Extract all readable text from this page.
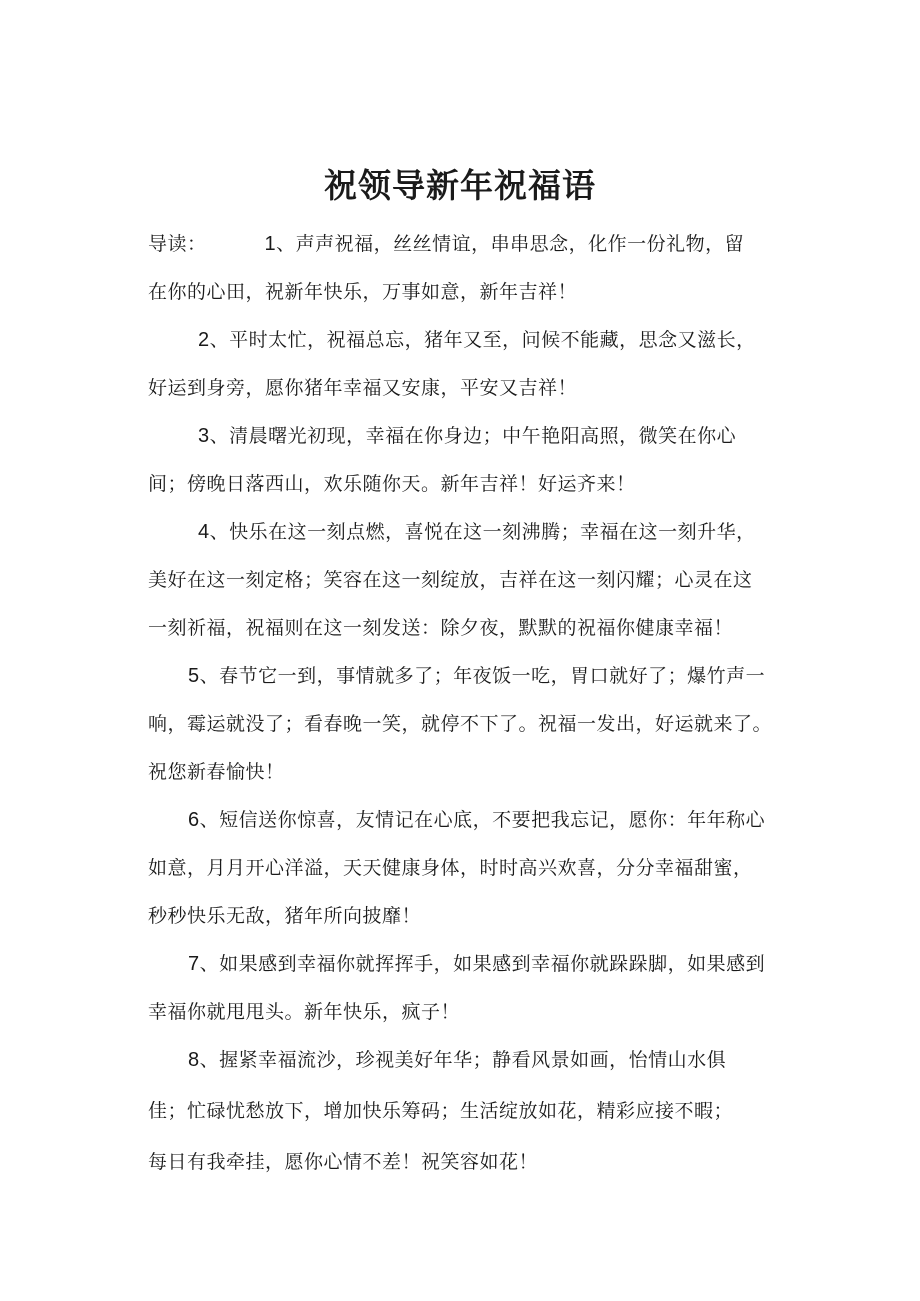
祝领导新年祝福语
导读：	1、声声祝福，丝丝情谊，串串思念，化作一份礼物，留
在你的心田，祝新年快乐，万事如意，新年吉祥！
2、平时太忙，祝福总忘，猪年又至，问候不能藏，思念又滋长，
好运到身旁，愿你猪年幸福又安康，平安又吉祥！
3、清晨曙光初现，幸福在你身边；中午艳阳高照，微笑在你心
间；傍晚日落西山，欢乐随你天。新年吉祥！好运齐来！
4、快乐在这一刻点燃，喜悦在这一刻沸腾；幸福在这一刻升华，
美好在这一刻定格；笑容在这一刻绽放，吉祥在这一刻闪耀；心灵在这
一刻祈福，祝福则在这一刻发送：除夕夜，默默的祝福你健康幸福！
5、春节它一到，事情就多了；年夜饭一吃，胃口就好了；爆竹声一
响，霉运就没了；看春晚一笑，就停不下了。祝福一发出，好运就来了。
祝您新春愉快！
6、短信送你惊喜，友情记在心底，不要把我忘记，愿你：年年称心
如意，月月开心洋溢，天天健康身体，时时高兴欢喜，分分幸福甜蜜，
秒秒快乐无敌，猪年所向披靡！
7、如果感到幸福你就挥挥手，如果感到幸福你就跺跺脚，如果感到
幸福你就甩甩头。新年快乐，疯子！
8、握紧幸福流沙，珍视美好年华；静看风景如画，怡情山水俱
佳；忙碌忧愁放下，增加快乐筹码；生活绽放如花，精彩应接不暇；
每日有我牵挂，愿你心情不差！祝笑容如花！
